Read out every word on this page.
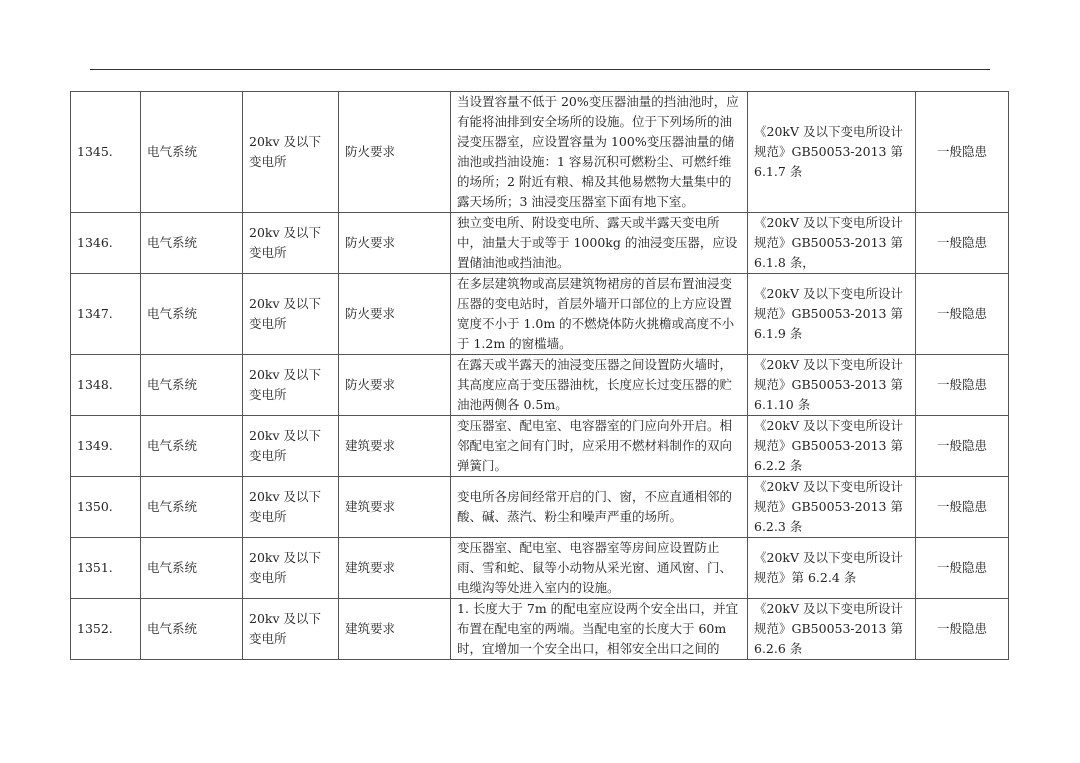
1345.	电气系统	20kv 及以下变电所	防火要求	当设置容量不低于 20%变压器油量的挡油池时，应有能将油排到安全场所的设施。位于下列场所的油浸变压器室，应设置容量为 100%变压器油量的储油池或挡油设施：1 容易沉积可燃粉尘、可燃纤维的场所；2 附近有粮、棉及其他易燃物大量集中的露天场所；3 油浸变压器室下面有地下室。	《20kV 及以下变电所设计规范》GB50053-2013 第 6.1.7 条	一般隐患
1346.	电气系统	20kv 及以下变电所	防火要求	独立变电所、附设变电所、露天或半露天变电所中，油量大于或等于 1000kg 的油浸变压器，应设置储油池或挡油池。	《20kV 及以下变电所设计规范》GB50053-2013 第 6.1.8 条，	一般隐患
1347.	电气系统	20kv 及以下变电所	防火要求	在多层建筑物或高层建筑物裙房的首层布置油浸变压器的变电站时，首层外墙开口部位的上方应设置宽度不小于 1.0m 的不燃烧体防火挑檐或高度不小于 1.2m 的窗槛墙。	《20kV 及以下变电所设计规范》GB50053-2013 第 6.1.9 条	一般隐患
1348.	电气系统	20kv 及以下变电所	防火要求	在露天或半露天的油浸变压器之间设置防火墙时，其高度应高于变压器油枕，长度应长过变压器的贮油池两侧各 0.5m。	《20kV 及以下变电所设计规范》GB50053-2013 第 6.1.10 条	一般隐患
1349.	电气系统	20kv 及以下变电所	建筑要求	变压器室、配电室、电容器室的门应向外开启。相邻配电室之间有门时，应采用不燃材料制作的双向弹簧门。	《20kV 及以下变电所设计规范》GB50053-2013 第 6.2.2 条	一般隐患
1350.	电气系统	20kv 及以下变电所	建筑要求	变电所各房间经常开启的门、窗，不应直通相邻的酸、碱、蒸汽、粉尘和噪声严重的场所。	《20kV 及以下变电所设计规范》GB50053-2013 第 6.2.3 条	一般隐患
1351.	电气系统	20kv 及以下变电所	建筑要求	变压器室、配电室、电容器室等房间应设置防止雨、雪和蛇、鼠等小动物从采光窗、通风窗、门、电缆沟等处进入室内的设施。	《20kV 及以下变电所设计规范》第 6.2.4 条	一般隐患
1352.	电气系统	20kv 及以下变电所	建筑要求	1. 长度大于 7m 的配电室应设两个安全出口，并宜布置在配电室的两端。当配电室的长度大于 60m 时，宜增加一个安全出口，相邻安全出口之间的	《20kV 及以下变电所设计规范》GB50053-2013 第 6.2.6 条	一般隐患
